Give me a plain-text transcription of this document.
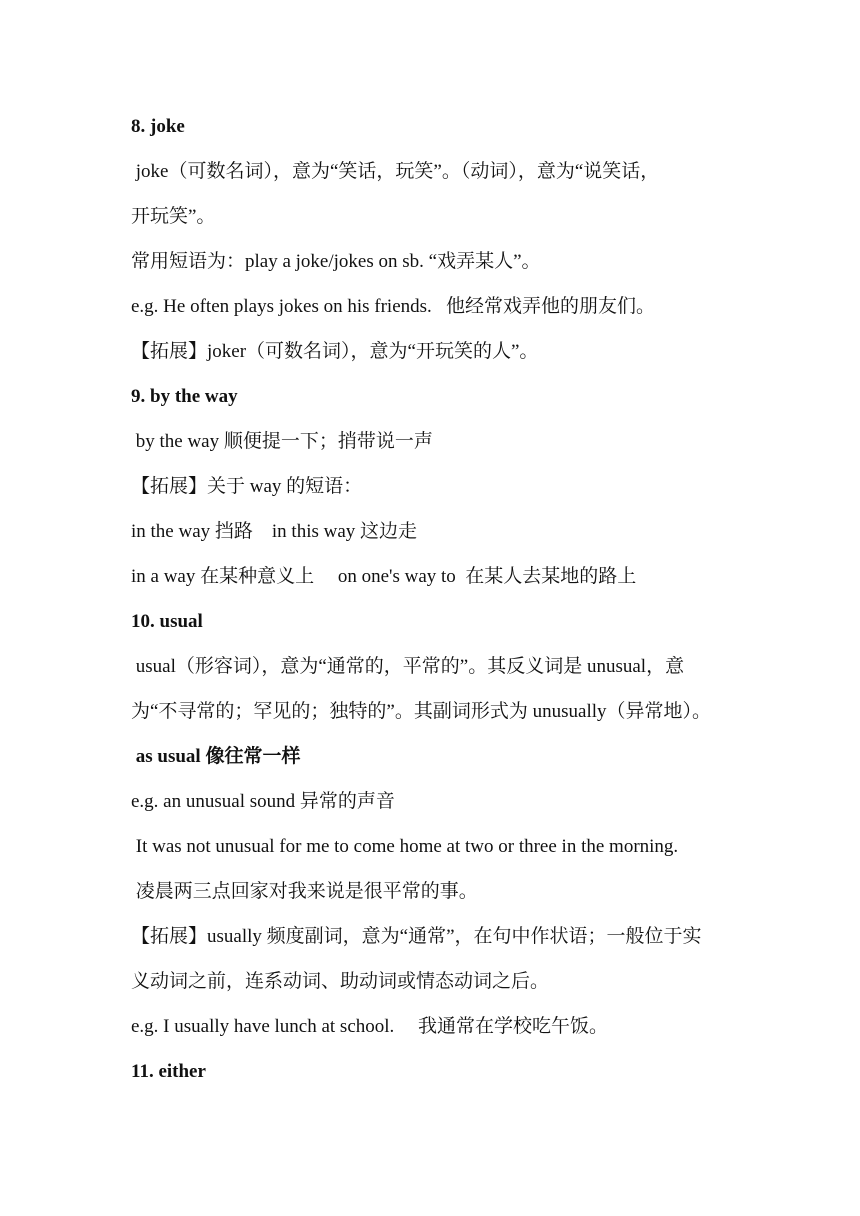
8. joke
joke（可数名词），意为“笑话，玩笑”。（动词），意为“说笑话，
开玩笑”。
常用短语为：play a joke/jokes on sb. “戏弄某人”。
e.g. He often plays jokes on his friends.   他经常戏弄他的朋友们。
【拓展】joker（可数名词），意为“开玩笑的人”。
9. by the way
by the way 顺便提一下；捎带说一声
【拓展】关于 way 的短语：
in the way 挡路    in this way 这边走
in a way 在某种意义上     on one's way to  在某人去某地的路上
10. usual
usual（形容词），意为“通常的，平常的”。其反义词是 unusual，意
为“不寻常的；罕见的；独特的”。其副词形式为 unusually（异常地）。
as usual 像往常一样
e.g. an unusual sound 异常的声音
It was not unusual for me to come home at two or three in the morning.
凌晨两三点回家对我来说是很平常的事。
【拓展】usually 频度副词，意为“通常”，在句中作状语；一般位于实
义动词之前，连系动词、助动词或情态动词之后。
e.g. I usually have lunch at school.     我通常在学校吃午饭。
11. either
